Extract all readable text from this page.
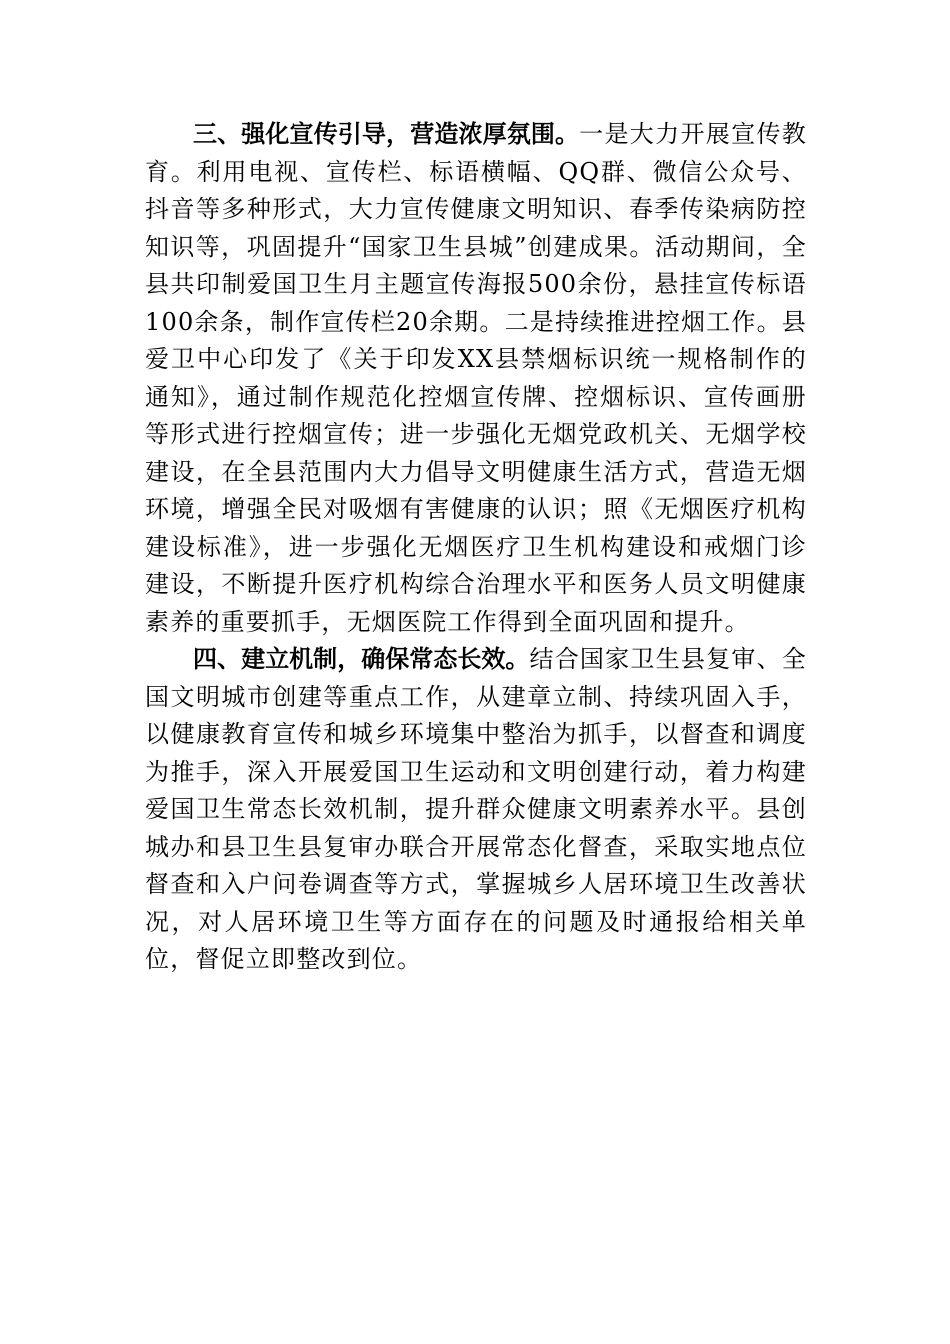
三、强化宣传引导，营造浓厚氛围。一是大力开展宣传教育。利用电视、宣传栏、标语横幅、QQ群、微信公众号、抖音等多种形式，大力宣传健康文明知识、春季传染病防控知识等，巩固提升“国家卫生县城”创建成果。活动期间，全县共印制爱国卫生月主题宣传海报500余份，悬挂宣传标语100余条，制作宣传栏20余期。二是持续推进控烟工作。县爱卫中心印发了《关于印发XX县禁烟标识统一规格制作的通知》，通过制作规范化控烟宣传牌、控烟标识、宣传画册等形式进行控烟宣传；进一步强化无烟党政机关、无烟学校建设，在全县范围内大力倡导文明健康生活方式，营造无烟环境，增强全民对吸烟有害健康的认识；照《无烟医疗机构建设标准》，进一步强化无烟医疗卫生机构建设和戒烟门诊建设，不断提升医疗机构综合治理水平和医务人员文明健康素养的重要抓手，无烟医院工作得到全面巩固和提升。

四、建立机制，确保常态长效。结合国家卫生县复审、全国文明城市创建等重点工作，从建章立制、持续巩固入手，以健康教育宣传和城乡环境集中整治为抓手，以督查和调度为推手，深入开展爱国卫生运动和文明创建行动，着力构建爱国卫生常态长效机制，提升群众健康文明素养水平。县创城办和县卫生县复审办联合开展常态化督查，采取实地点位督查和入户问卷调查等方式，掌握城乡人居环境卫生改善状况，对人居环境卫生等方面存在的问题及时通报给相关单位，督促立即整改到位。
